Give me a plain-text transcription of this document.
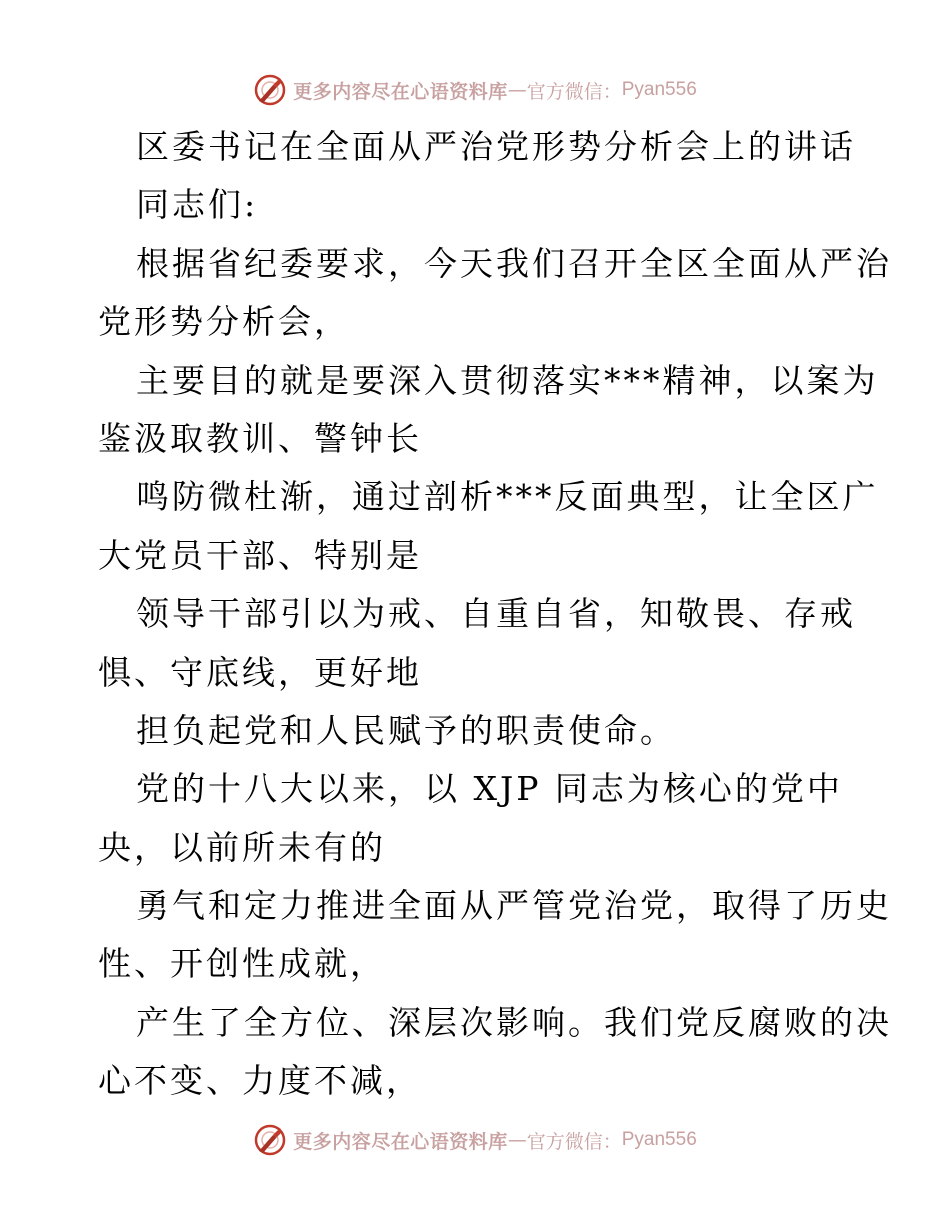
更多内容尽在心语资料库 — 官方微信： Pyan556
区委书记在全面从严治党形势分析会上的讲话
同志们:
根据省纪委要求，今天我们召开全区全面从严治
党形势分析会，
主要目的就是要深入贯彻落实***精神，以案为
鉴汲取教训、警钟长
鸣防微杜渐，通过剖析***反面典型，让全区广
大党员干部、特别是
领导干部引以为戒、自重自省，知敬畏、存戒
惧、守底线，更好地
担负起党和人民赋予的职责使命。
党的十八大以来，以 XJP 同志为核心的党中
央，以前所未有的
勇气和定力推进全面从严管党治党，取得了历史
性、开创性成就，
产生了全方位、深层次影响。我们党反腐败的决
心不变、力度不减，
更多内容尽在心语资料库 — 官方微信： Pyan556
